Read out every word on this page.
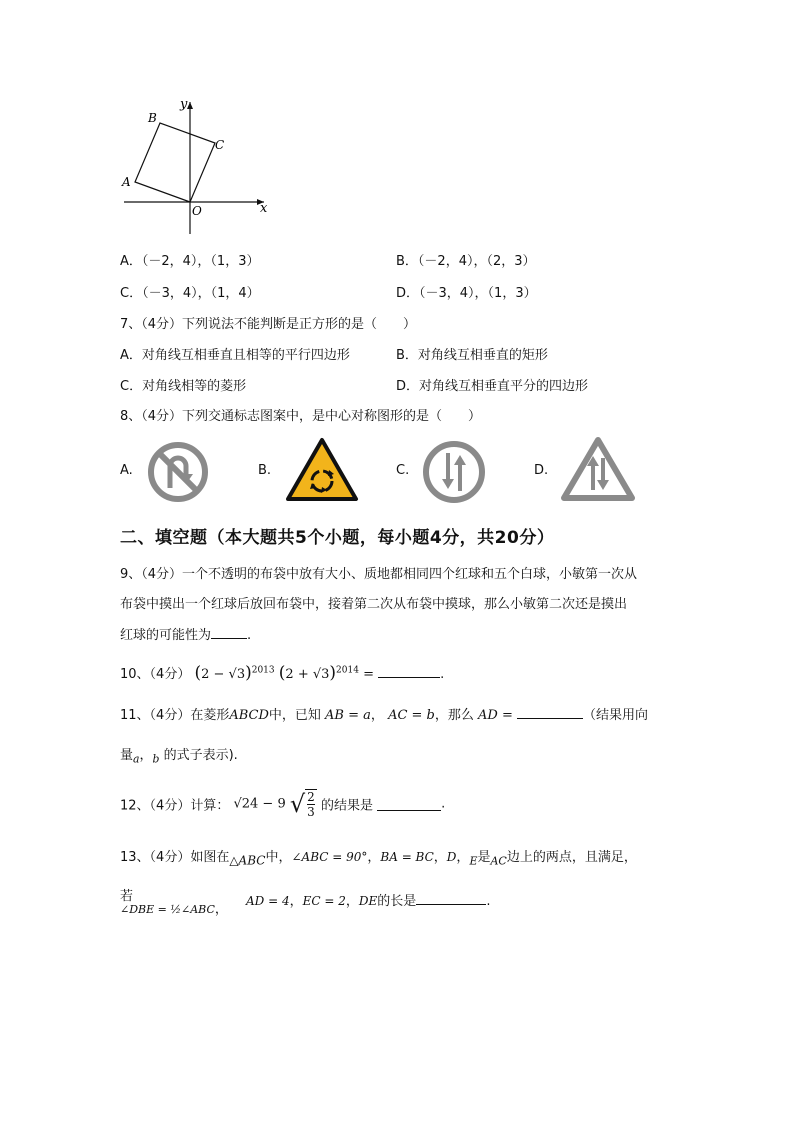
y
x
O
A
B
C
A．（－2，4），（1，3）	B．（－2，4），（2，3）
C．（－3，4），（1，4）	D．（－3，4），（1，3）
7、（4分）下列说法不能判断是正方形的是（　　）
A．对角线互相垂直且相等的平行四边形	B．对角线互相垂直的矩形
C．对角线相等的菱形	D．对角线互相垂直平分的四边形
8、（4分）下列交通标志图案中，是中心对称图形的是（　　）
A.	B.	C.	D.
二、填空题（本大题共5个小题，每小题4分，共20分）
9、（4分）一个不透明的布袋中放有大小、质地都相同四个红球和五个白球，小敏第一次从
布袋中摸出一个红球后放回布袋中，接着第二次从布袋中摸球，那么小敏第二次还是摸出
红球的可能性为	.
10、（4分） $(2 - √3)^{2013}$ $(2 + √3)^{2014}$ =	.
11、（4分）在菱形ABCD中，已知 AB = a， AC = b，那么 AD =	（结果用向
量$_a$，$_b$ 的式子表示).
12、（4分）计算： √24 − 9 √ $\frac{2}{3}$ 的结果是	.
13、（4分）如图在$_{\triangle ABC}$中，∠ABC = 90°，BA = BC，D，$_E$是$_{AC}$边上的两点，且满足，
若
∠DBE = ½∠ABC，
AD = 4，EC = 2，DE的长是	.
